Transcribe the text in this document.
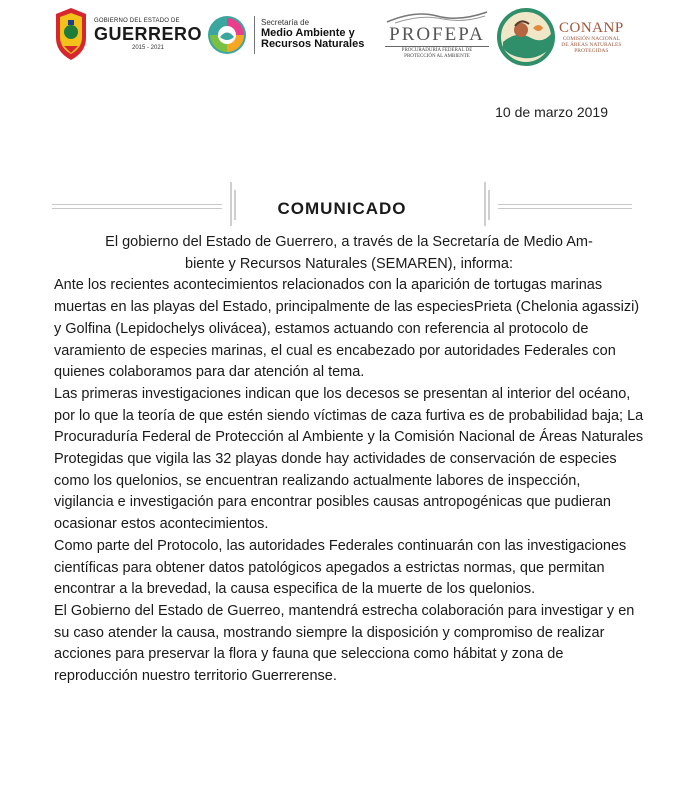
GOBIERNO DEL ESTADO DE
GUERRERO
2015 - 2021
Secretaría de
Medio Ambiente y
Recursos Naturales PROFEPA
PROCURADURÍA FEDERAL DE
PROTECCIÓN AL AMBIENTE
CONANP
COMISIÓN NACIONAL
DE ÁREAS NATURALES
PROTEGIDAS
10 de marzo 2019
COMUNICADO

El gobierno del Estado de Guerrero, a través de la Secretaría de Medio Am-

biente y Recursos Naturales (SEMAREN), informa:

Ante los recientes acontecimientos relacionados con la aparición de tortugas marinas muertas en las playas del Estado, principalmente de las especiesPrieta (Chelonia agassizi) y Golfina (Lepidochelys olivácea), estamos actuando con referencia al protocolo de varamiento de especies marinas, el cual es encabezado por autoridades Federales con quienes colaboramos para dar atención al tema.

Las primeras investigaciones indican que los decesos se presentan al interior del océano, por lo que la teoría de que estén siendo víctimas de caza furtiva es de probabilidad baja; La Procuraduría Federal de Protección al Ambiente y la Comisión Nacional de Áreas Naturales Protegidas que vigila las 32 playas donde hay actividades de conservación de especies como los quelonios, se encuentran realizando actualmente labores de inspección, vigilancia e investigación para encontrar posibles causas antropogénicas que pudieran ocasionar estos acontecimientos.

Como parte del Protocolo, las autoridades Federales continuarán con las investigaciones científicas para obtener datos patológicos apegados a estrictas normas, que permitan encontrar a la brevedad, la causa especifica de la muerte de los quelonios.

El Gobierno del Estado de Guerreo, mantendrá estrecha colaboración para investigar y en su caso atender la causa, mostrando siempre la disposición y compromiso de realizar acciones para preservar la flora y fauna que selecciona como hábitat y zona de reproducción nuestro territorio Guerrerense.
